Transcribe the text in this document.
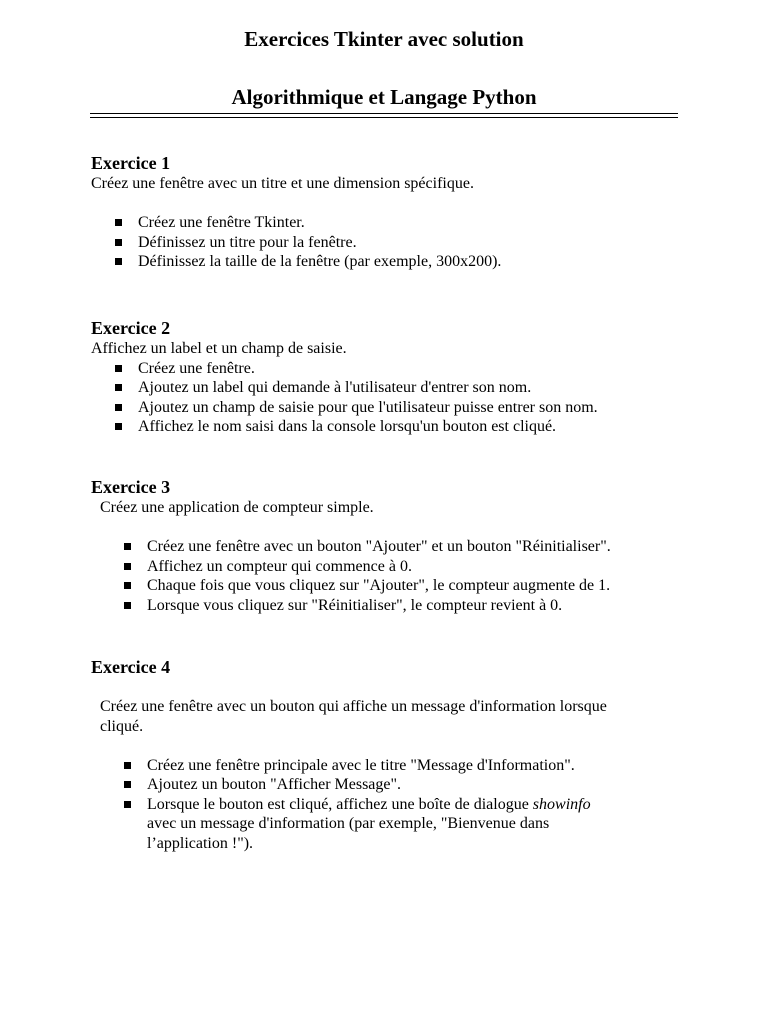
Exercices Tkinter avec solution
Algorithmique et Langage Python

Exercice 1

Créez une fenêtre avec un titre et une dimension spécifique.

Créez une fenêtre Tkinter.
Définissez un titre pour la fenêtre.
Définissez la taille de la fenêtre (par exemple, 300x200).

Exercice 2

Affichez un label et un champ de saisie.

Créez une fenêtre.
Ajoutez un label qui demande à l'utilisateur d'entrer son nom.
Ajoutez un champ de saisie pour que l'utilisateur puisse entrer son nom.
Affichez le nom saisi dans la console lorsqu'un bouton est cliqué.

Exercice 3

Créez une application de compteur simple.

Créez une fenêtre avec un bouton "Ajouter" et un bouton "Réinitialiser".
Affichez un compteur qui commence à 0.
Chaque fois que vous cliquez sur "Ajouter", le compteur augmente de 1.
Lorsque vous cliquez sur "Réinitialiser", le compteur revient à 0.

Exercice 4

Créez une fenêtre avec un bouton qui affiche un message d'information lorsque

cliqué.

Créez une fenêtre principale avec le titre "Message d'Information".
Ajoutez un bouton "Afficher Message".
Lorsque le bouton est cliqué, affichez une boîte de dialogue showinfo
avec un message d'information (par exemple, "Bienvenue dans
l’application !").
